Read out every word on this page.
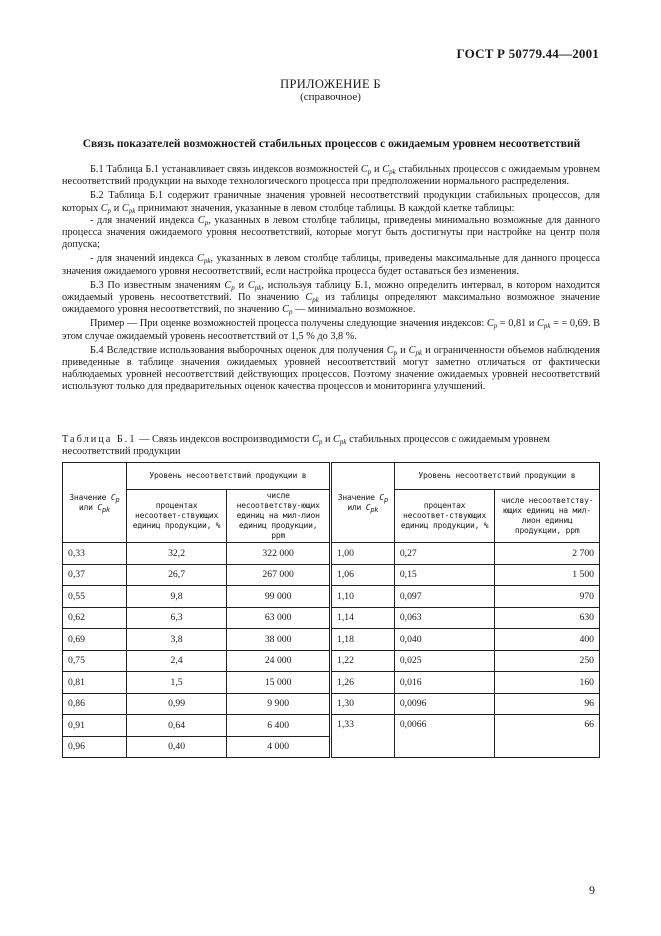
ГОСТ Р 50779.44—2001
ПРИЛОЖЕНИЕ Б
(справочное)
Связь показателей возможностей стабильных процессов с ожидаемым уровнем несоответствий

Б.1 Таблица Б.1 устанавливает связь индексов возможностей $C_p$ и $C_{pk}$ стабильных процессов с ожидаемым уровнем несоответствий продукции на выходе технологического процесса при предположении нормального распределения.

Б.2 Таблица Б.1 содержит граничные значения уровней несоответствий продукции стабильных процессов, для которых $C_p$ и $C_{pk}$ принимают значения, указанные в левом столбце таблицы. В каждой клетке таблицы:

- для значений индекса $C_p$, указанных в левом столбце таблицы, приведены минимально возможные для данного процесса значения ожидаемого уровня несоответствий, которые могут быть достигнуты при настройке на центр поля допуска;

- для значений индекса $C_{pk}$, указанных в левом столбце таблицы, приведены максимальные для данного процесса значения ожидаемого уровня несоответствий, если настройка процесса будет оставаться без изменения.

Б.3 По известным значениям $C_p$ и $C_{pk}$, используя таблицу Б.1, можно определить интервал, в котором находится ожидаемый уровень несоответствий. По значению $C_{pk}$ из таблицы определяют максимально возможное значение ожидаемого уровня несоответствий, по значению $C_p$ — минимально возможное.

Пример — При оценке возможностей процесса получены следующие значения индексов: $C_p = 0,81$ и $C_{pk}$ = = 0,69. В этом случае ожидаемый уровень несоответствий от 1,5 % до 3,8 %.

Б.4 Вследствие использования выборочных оценок для получения $C_p$ и $C_{pk}$ и ограниченности объемов наблюдения приведенные в таблице значения ожидаемых уровней несоответствий могут заметно отличаться от фактически наблюдаемых уровней несоответствий действующих процессов. Поэтому значение ожидаемых уровней несоответствий используют только для предварительных оценок качества процессов и мониторинга улучшений.

Таблица Б.1 — Связь индексов воспроизводимости $C_p$ и $C_{pk}$ стабильных процессов с ожидаемым уровнем несоответствий продукции
Значение $C_p$
или $C_{pk}$	Уровень несоответствий продукции в			Значение $C_p$
или $C_{pk}$	Уровень несоответствий продукции в	
	процентах несоответ-ствующих единиц продукции, %	числе несоответству-ющих единиц на мил-лион единиц продукции, ppm			процентах несоответ-ствующих единиц продукции, %	числе несоответству-ющих единиц на мил-лион единиц продукции, ppm
0,33	32,2	322 000		1,00	0,27	2 700
0,37	26,7	267 000		1,06	0,15	1 500
0,55	9,8	99 000		1,10	0,097	970
0,62	6,3	63 000		1,14	0,063	630
0,69	3,8	38 000		1,18	0,040	400
0,75	2,4	24 000		1,22	0,025	250
0,81	1,5	15 000		1,26	0,016	160
0,86	0,99	9 900		1,30	0,0096	96
0,91	0,64	6 400		1,33	0,0066	66
0,96	0,40	4 000				
9
